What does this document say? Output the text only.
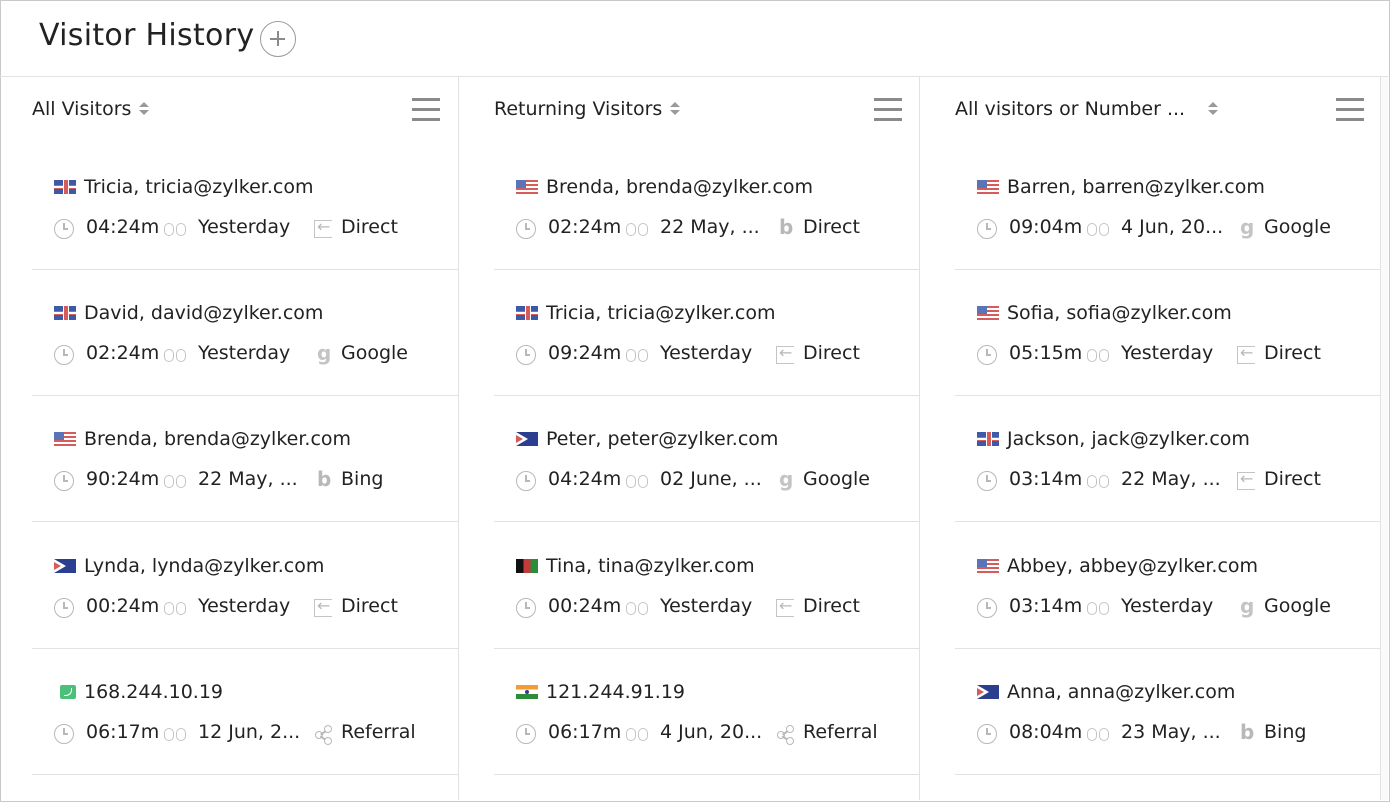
Visitor History
All Visitors
Tricia, tricia@zylker.com
04:24m Yesterday ←	Direct
David, david@zylker.com
02:24m Yesterday g	Google
Brenda, brenda@zylker.com
90:24m 22 May, ... b	Bing
Lynda, lynda@zylker.com
00:24m Yesterday ←	Direct
168.244.10.19
06:17m 12 Jun, 2...	Referral
Returning Visitors
Brenda, brenda@zylker.com
02:24m 22 May, ... b	Direct
Tricia, tricia@zylker.com
09:24m Yesterday ←	Direct
Peter, peter@zylker.com
04:24m 02 June, ... g	Google
Tina, tina@zylker.com
00:24m Yesterday ←	Direct
121.244.91.19
06:17m 4 Jun, 20...	Referral
All visitors or Number ...
Barren, barren@zylker.com
09:04m 4 Jun, 20... g	Google
Sofia, sofia@zylker.com
05:15m Yesterday ←	Direct
Jackson, jack@zylker.com
03:14m 22 May, ... ←	Direct
Abbey, abbey@zylker.com
03:14m Yesterday g	Google
Anna, anna@zylker.com
08:04m 23 May, ... b	Bing
